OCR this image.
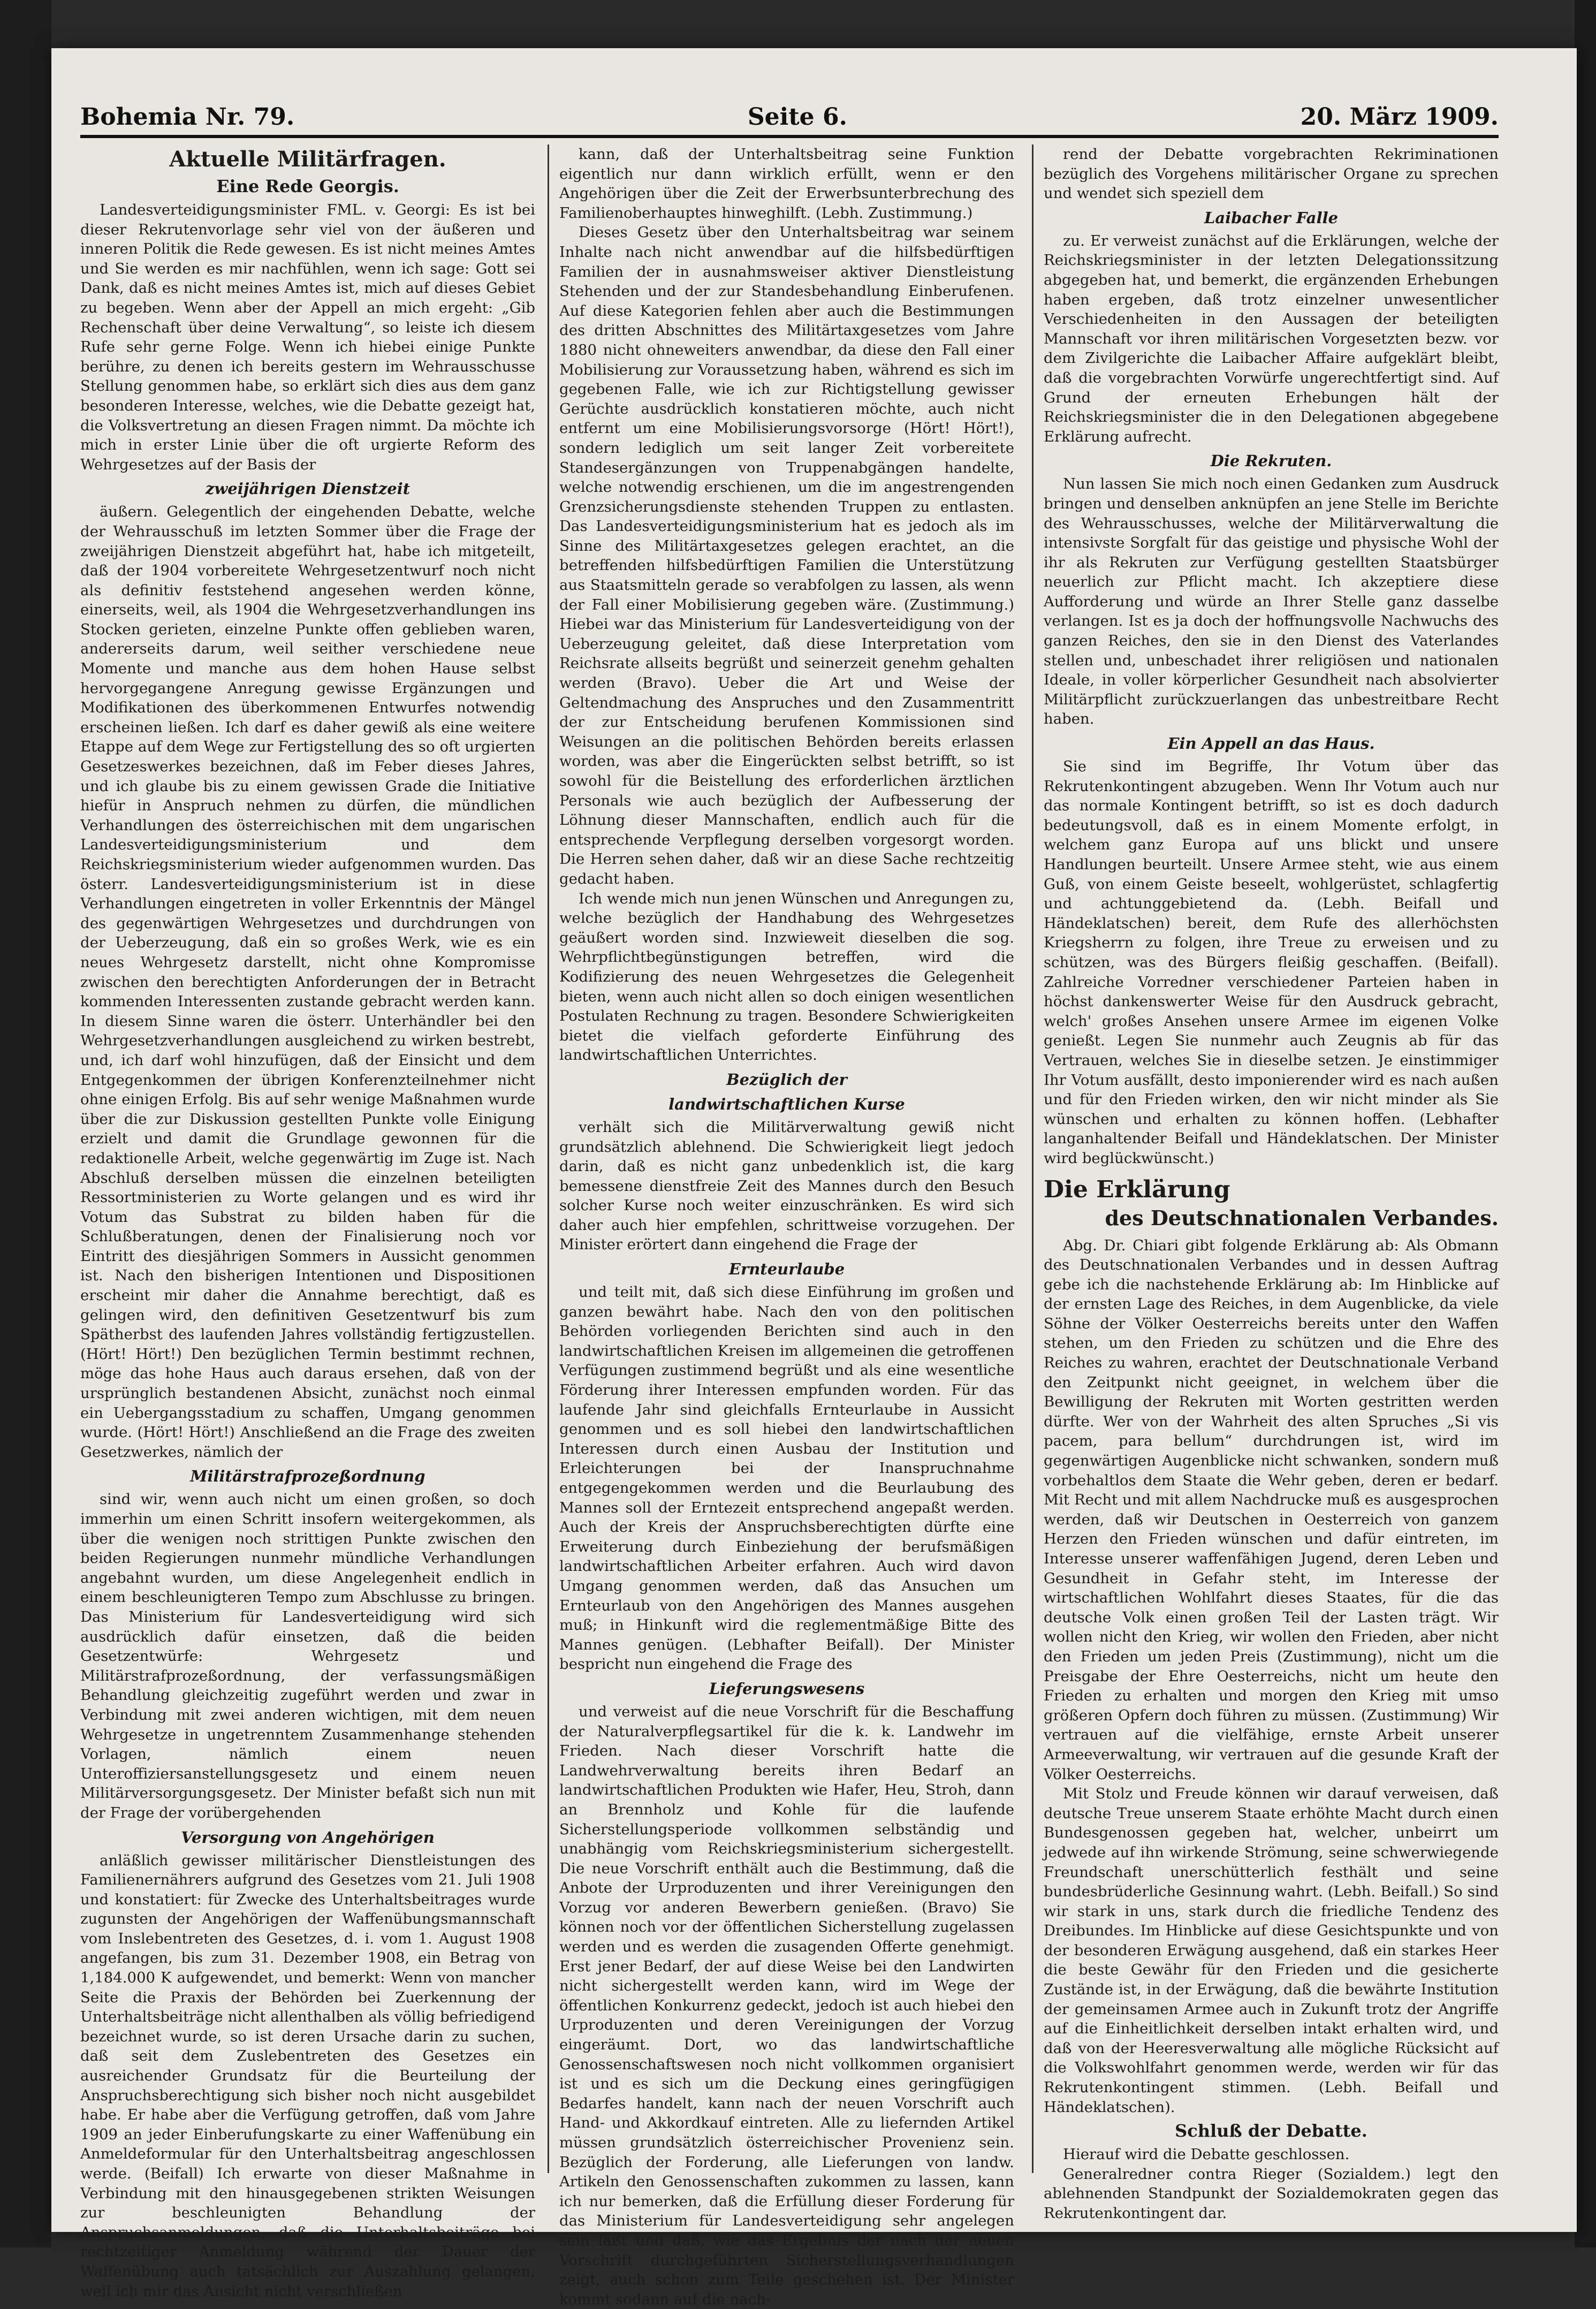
Bohemia Nr. 79.	Seite 6.	20. März 1909.
Aktuelle Militärfragen.
Eine Rede Georgis.

Landesverteidigungsminister FML. v. Georgi: Es ist bei dieser Rekrutenvorlage sehr viel von der äußeren und inneren Politik die Rede gewesen. Es ist nicht meines Amtes und Sie werden es mir nachfühlen, wenn ich sage: Gott sei Dank, daß es nicht meines Amtes ist, mich auf dieses Gebiet zu begeben. Wenn aber der Appell an mich ergeht: „Gib Rechenschaft über deine Verwaltung“, so leiste ich diesem Rufe sehr gerne Folge. Wenn ich hiebei einige Punkte berühre, zu denen ich bereits gestern im Wehrausschusse Stellung genommen habe, so erklärt sich dies aus dem ganz besonderen Interesse, welches, wie die Debatte gezeigt hat, die Volksvertretung an diesen Fragen nimmt. Da möchte ich mich in erster Linie über die oft urgierte Reform des Wehrgesetzes auf der Basis der

zweijährigen Dienstzeit

äußern. Gelegentlich der eingehenden Debatte, welche der Wehrausschuß im letzten Sommer über die Frage der zweijährigen Dienstzeit abgeführt hat, habe ich mitgeteilt, daß der 1904 vorbereitete Wehrgesetzentwurf noch nicht als definitiv feststehend angesehen werden könne, einerseits, weil, als 1904 die Wehrgesetzverhandlungen ins Stocken gerieten, einzelne Punkte offen geblieben waren, andererseits darum, weil seither verschiedene neue Momente und manche aus dem hohen Hause selbst hervorgegangene Anregung gewisse Ergänzungen und Modifikationen des überkommenen Entwurfes notwendig erscheinen ließen. Ich darf es daher gewiß als eine weitere Etappe auf dem Wege zur Fertigstellung des so oft urgierten Gesetzeswerkes bezeichnen, daß im Feber dieses Jahres, und ich glaube bis zu einem gewissen Grade die Initiative hiefür in Anspruch nehmen zu dürfen, die mündlichen Verhandlungen des österreichischen mit dem ungarischen Landesverteidigungsministerium und dem Reichskriegsministerium wieder aufgenommen wurden. Das österr. Landesverteidigungsministerium ist in diese Verhandlungen eingetreten in voller Erkenntnis der Mängel des gegenwärtigen Wehrgesetzes und durchdrungen von der Ueberzeugung, daß ein so großes Werk, wie es ein neues Wehrgesetz darstellt, nicht ohne Kompromisse zwischen den berechtigten Anforderungen der in Betracht kommenden Interessenten zustande gebracht werden kann. In diesem Sinne waren die österr. Unterhändler bei den Wehrgesetzverhandlungen ausgleichend zu wirken bestrebt, und, ich darf wohl hinzufügen, daß der Einsicht und dem Entgegenkommen der übrigen Konferenzteilnehmer nicht ohne einigen Erfolg. Bis auf sehr wenige Maßnahmen wurde über die zur Diskussion gestellten Punkte volle Einigung erzielt und damit die Grundlage gewonnen für die redaktionelle Arbeit, welche gegenwärtig im Zuge ist. Nach Abschluß derselben müssen die einzelnen beteiligten Ressortministerien zu Worte gelangen und es wird ihr Votum das Substrat zu bilden haben für die Schlußberatungen, denen der Finalisierung noch vor Eintritt des diesjährigen Sommers in Aussicht genommen ist. Nach den bisherigen Intentionen und Dispositionen erscheint mir daher die Annahme berechtigt, daß es gelingen wird, den definitiven Gesetzentwurf bis zum Spätherbst des laufenden Jahres vollständig fertigzustellen. (Hört! Hört!) Den bezüglichen Termin bestimmt rechnen, möge das hohe Haus auch daraus ersehen, daß von der ursprünglich bestandenen Absicht, zunächst noch einmal ein Uebergangsstadium zu schaffen, Umgang genommen wurde. (Hört! Hört!) Anschließend an die Frage des zweiten Gesetzwerkes, nämlich der

Militärstrafprozeßordnung

sind wir, wenn auch nicht um einen großen, so doch immerhin um einen Schritt insofern weitergekommen, als über die wenigen noch strittigen Punkte zwischen den beiden Regierungen nunmehr mündliche Verhandlungen angebahnt wurden, um diese Angelegenheit endlich in einem beschleunigteren Tempo zum Abschlusse zu bringen. Das Ministerium für Landesverteidigung wird sich ausdrücklich dafür einsetzen, daß die beiden Gesetzentwürfe: Wehrgesetz und Militärstrafprozeßordnung, der verfassungsmäßigen Behandlung gleichzeitig zugeführt werden und zwar in Verbindung mit zwei anderen wichtigen, mit dem neuen Wehrgesetze in ungetrenntem Zusammenhange stehenden Vorlagen, nämlich einem neuen Unteroffiziersanstellungsgesetz und einem neuen Militärversorgungsgesetz. Der Minister befaßt sich nun mit der Frage der vorübergehenden

Versorgung von Angehörigen

anläßlich gewisser militärischer Dienstleistungen des Familienernährers aufgrund des Gesetzes vom 21. Juli 1908 und konstatiert: für Zwecke des Unterhaltsbeitrages wurde zugunsten der Angehörigen der Waffenübungsmannschaft vom Inslebentreten des Gesetzes, d. i. vom 1. August 1908 angefangen, bis zum 31. Dezember 1908, ein Betrag von 1,184.000 K aufgewendet, und bemerkt: Wenn von mancher Seite die Praxis der Behörden bei Zuerkennung der Unterhaltsbeiträge nicht allenthalben als völlig befriedigend bezeichnet wurde, so ist deren Ursache darin zu suchen, daß seit dem Zuslebentreten des Gesetzes ein ausreichender Grundsatz für die Beurteilung der Anspruchsberechtigung sich bisher noch nicht ausgebildet habe. Er habe aber die Verfügung getroffen, daß vom Jahre 1909 an jeder Einberufungskarte zu einer Waffenübung ein Anmeldeformular für den Unterhaltsbeitrag angeschlossen werde. (Beifall) Ich erwarte von dieser Maßnahme in Verbindung mit den hinausgegebenen strikten Weisungen zur beschleunigten Behandlung der Anspruchsanmeldungen, daß die Unterhaltsbeiträge bei rechtzeitiger Anmeldung während der Dauer der Waffenübung auch tatsächlich zur Auszahlung gelangen, weil ich mir das Ansicht nicht verschließen

kann, daß der Unterhaltsbeitrag seine Funktion eigentlich nur dann wirklich erfüllt, wenn er den Angehörigen über die Zeit der Erwerbsunterbrechung des Familienoberhauptes hinweghilft. (Lebh. Zustimmung.)

Dieses Gesetz über den Unterhaltsbeitrag war seinem Inhalte nach nicht anwendbar auf die hilfsbedürftigen Familien der in ausnahmsweiser aktiver Dienstleistung Stehenden und der zur Standesbehandlung Einberufenen. Auf diese Kategorien fehlen aber auch die Bestimmungen des dritten Abschnittes des Militärtaxgesetzes vom Jahre 1880 nicht ohneweiters anwendbar, da diese den Fall einer Mobilisierung zur Voraussetzung haben, während es sich im gegebenen Falle, wie ich zur Richtigstellung gewisser Gerüchte ausdrücklich konstatieren möchte, auch nicht entfernt um eine Mobilisierungsvorsorge (Hört! Hört!), sondern lediglich um seit langer Zeit vorbereitete Standesergänzungen von Truppenabgängen handelte, welche notwendig erschienen, um die im angestrengenden Grenzsicherungsdienste stehenden Truppen zu entlasten. Das Landesverteidigungsministerium hat es jedoch als im Sinne des Militärtaxgesetzes gelegen erachtet, an die betreffenden hilfsbedürftigen Familien die Unterstützung aus Staatsmitteln gerade so verabfolgen zu lassen, als wenn der Fall einer Mobilisierung gegeben wäre. (Zustimmung.) Hiebei war das Ministerium für Landesverteidigung von der Ueberzeugung geleitet, daß diese Interpretation vom Reichsrate allseits begrüßt und seinerzeit genehm gehalten werden (Bravo). Ueber die Art und Weise der Geltendmachung des Anspruches und den Zusammentritt der zur Entscheidung berufenen Kommissionen sind Weisungen an die politischen Behörden bereits erlassen worden, was aber die Eingerückten selbst betrifft, so ist sowohl für die Beistellung des erforderlichen ärztlichen Personals wie auch bezüglich der Aufbesserung der Löhnung dieser Mannschaften, endlich auch für die entsprechende Verpflegung derselben vorgesorgt worden. Die Herren sehen daher, daß wir an diese Sache rechtzeitig gedacht haben.

Ich wende mich nun jenen Wünschen und Anregungen zu, welche bezüglich der Handhabung des Wehrgesetzes geäußert worden sind. Inzwieweit dieselben die sog. Wehrpflichtbegünstigungen betreffen, wird die Kodifizierung des neuen Wehrgesetzes die Gelegenheit bieten, wenn auch nicht allen so doch einigen wesentlichen Postulaten Rechnung zu tragen. Besondere Schwierigkeiten bietet die vielfach geforderte Einführung des landwirtschaftlichen Unterrichtes.

Bezüglich der
landwirtschaftlichen Kurse

verhält sich die Militärverwaltung gewiß nicht grundsätzlich ablehnend. Die Schwierigkeit liegt jedoch darin, daß es nicht ganz unbedenklich ist, die karg bemessene dienstfreie Zeit des Mannes durch den Besuch solcher Kurse noch weiter einzuschränken. Es wird sich daher auch hier empfehlen, schrittweise vorzugehen. Der Minister erörtert dann eingehend die Frage der

Ernteurlaube

und teilt mit, daß sich diese Einführung im großen und ganzen bewährt habe. Nach den von den politischen Behörden vorliegenden Berichten sind auch in den landwirtschaftlichen Kreisen im allgemeinen die getroffenen Verfügungen zustimmend begrüßt und als eine wesentliche Förderung ihrer Interessen empfunden worden. Für das laufende Jahr sind gleichfalls Ernteurlaube in Aussicht genommen und es soll hiebei den landwirtschaftlichen Interessen durch einen Ausbau der Institution und Erleichterungen bei der Inanspruchnahme entgegengekommen werden und die Beurlaubung des Mannes soll der Erntezeit entsprechend angepaßt werden. Auch der Kreis der Anspruchsberechtigten dürfte eine Erweiterung durch Einbeziehung der berufsmäßigen landwirtschaftlichen Arbeiter erfahren. Auch wird davon Umgang genommen werden, daß das Ansuchen um Ernteurlaub von den Angehörigen des Mannes ausgehen muß; in Hinkunft wird die reglementmäßige Bitte des Mannes genügen. (Lebhafter Beifall). Der Minister bespricht nun eingehend die Frage des

Lieferungswesens

und verweist auf die neue Vorschrift für die Beschaffung der Naturalverpflegsartikel für die k. k. Landwehr im Frieden. Nach dieser Vorschrift hatte die Landwehrverwaltung bereits ihren Bedarf an landwirtschaftlichen Produkten wie Hafer, Heu, Stroh, dann an Brennholz und Kohle für die laufende Sicherstellungsperiode vollkommen selbständig und unabhängig vom Reichskriegsministerium sichergestellt. Die neue Vorschrift enthält auch die Bestimmung, daß die Anbote der Urproduzenten und ihrer Vereinigungen den Vorzug vor anderen Bewerbern genießen. (Bravo) Sie können noch vor der öffentlichen Sicherstellung zugelassen werden und es werden die zusagenden Offerte genehmigt. Erst jener Bedarf, der auf diese Weise bei den Landwirten nicht sichergestellt werden kann, wird im Wege der öffentlichen Konkurrenz gedeckt, jedoch ist auch hiebei den Urproduzenten und deren Vereinigungen der Vorzug eingeräumt. Dort, wo das landwirtschaftliche Genossenschaftswesen noch nicht vollkommen organisiert ist und es sich um die Deckung eines geringfügigen Bedarfes handelt, kann nach der neuen Vorschrift auch Hand- und Akkordkauf eintreten. Alle zu liefernden Artikel müssen grundsätzlich österreichischer Provenienz sein. Bezüglich der Forderung, alle Lieferungen von landw. Artikeln den Genossenschaften zukommen zu lassen, kann ich nur bemerken, daß die Erfüllung dieser Forderung für das Ministerium für Landesverteidigung sehr angelegen sein läßt und daß, wie das Ergebnis der nach der neuen Vorschrift durchgeführten Sicherstellungsverhandlungen zeigt, auch schon zum Teile geschehen ist. Der Minister kommt sodann auf die nach-

rend der Debatte vorgebrachten Rekriminationen bezüglich des Vorgehens militärischer Organe zu sprechen und wendet sich speziell dem

Laibacher Falle

zu. Er verweist zunächst auf die Erklärungen, welche der Reichskriegsminister in der letzten Delegationssitzung abgegeben hat, und bemerkt, die ergänzenden Erhebungen haben ergeben, daß trotz einzelner unwesentlicher Verschiedenheiten in den Aussagen der beteiligten Mannschaft vor ihren militärischen Vorgesetzten bezw. vor dem Zivilgerichte die Laibacher Affaire aufgeklärt bleibt, daß die vorgebrachten Vorwürfe ungerechtfertigt sind. Auf Grund der erneuten Erhebungen hält der Reichskriegsminister die in den Delegationen abgegebene Erklärung aufrecht.

Die Rekruten.

Nun lassen Sie mich noch einen Gedanken zum Ausdruck bringen und denselben anknüpfen an jene Stelle im Berichte des Wehrausschusses, welche der Militärverwaltung die intensivste Sorgfalt für das geistige und physische Wohl der ihr als Rekruten zur Verfügung gestellten Staatsbürger neuerlich zur Pflicht macht. Ich akzeptiere diese Aufforderung und würde an Ihrer Stelle ganz dasselbe verlangen. Ist es ja doch der hoffnungsvolle Nachwuchs des ganzen Reiches, den sie in den Dienst des Vaterlandes stellen und, unbeschadet ihrer religiösen und nationalen Ideale, in voller körperlicher Gesundheit nach absolvierter Militärpflicht zurückzuerlangen das unbestreitbare Recht haben.

Ein Appell an das Haus.

Sie sind im Begriffe, Ihr Votum über das Rekrutenkontingent abzugeben. Wenn Ihr Votum auch nur das normale Kontingent betrifft, so ist es doch dadurch bedeutungsvoll, daß es in einem Momente erfolgt, in welchem ganz Europa auf uns blickt und unsere Handlungen beurteilt. Unsere Armee steht, wie aus einem Guß, von einem Geiste beseelt, wohlgerüstet, schlagfertig und achtunggebietend da. (Lebh. Beifall und Händeklatschen) bereit, dem Rufe des allerhöchsten Kriegsherrn zu folgen, ihre Treue zu erweisen und zu schützen, was des Bürgers fleißig geschaffen. (Beifall). Zahlreiche Vorredner verschiedener Parteien haben in höchst dankenswerter Weise für den Ausdruck gebracht, welch' großes Ansehen unsere Armee im eigenen Volke genießt. Legen Sie nunmehr auch Zeugnis ab für das Vertrauen, welches Sie in dieselbe setzen. Je einstimmiger Ihr Votum ausfällt, desto imponierender wird es nach außen und für den Frieden wirken, den wir nicht minder als Sie wünschen und erhalten zu können hoffen. (Lebhafter langanhaltender Beifall und Händeklatschen. Der Minister wird beglückwünscht.)

Die Erklärung
des Deutschnationalen Verbandes.

Abg. Dr. Chiari gibt folgende Erklärung ab: Als Obmann des Deutschnationalen Verbandes und in dessen Auftrag gebe ich die nachstehende Erklärung ab: Im Hinblicke auf der ernsten Lage des Reiches, in dem Augenblicke, da viele Söhne der Völker Oesterreichs bereits unter den Waffen stehen, um den Frieden zu schützen und die Ehre des Reiches zu wahren, erachtet der Deutschnationale Verband den Zeitpunkt nicht geeignet, in welchem über die Bewilligung der Rekruten mit Worten gestritten werden dürfte. Wer von der Wahrheit des alten Spruches „Si vis pacem, para bellum“ durchdrungen ist, wird im gegenwärtigen Augenblicke nicht schwanken, sondern muß vorbehaltlos dem Staate die Wehr geben, deren er bedarf. Mit Recht und mit allem Nachdrucke muß es ausgesprochen werden, daß wir Deutschen in Oesterreich von ganzem Herzen den Frieden wünschen und dafür eintreten, im Interesse unserer waffenfähigen Jugend, deren Leben und Gesundheit in Gefahr steht, im Interesse der wirtschaftlichen Wohlfahrt dieses Staates, für die das deutsche Volk einen großen Teil der Lasten trägt. Wir wollen nicht den Krieg, wir wollen den Frieden, aber nicht den Frieden um jeden Preis (Zustimmung), nicht um die Preisgabe der Ehre Oesterreichs, nicht um heute den Frieden zu erhalten und morgen den Krieg mit umso größeren Opfern doch führen zu müssen. (Zustimmung) Wir vertrauen auf die vielfähige, ernste Arbeit unserer Armeeverwaltung, wir vertrauen auf die gesunde Kraft der Völker Oesterreichs.

Mit Stolz und Freude können wir darauf verweisen, daß deutsche Treue unserem Staate erhöhte Macht durch einen Bundesgenossen gegeben hat, welcher, unbeirrt um jedwede auf ihn wirkende Strömung, seine schwerwiegende Freundschaft unerschütterlich festhält und seine bundesbrüderliche Gesinnung wahrt. (Lebh. Beifall.) So sind wir stark in uns, stark durch die friedliche Tendenz des Dreibundes. Im Hinblicke auf diese Gesichtspunkte und von der besonderen Erwägung ausgehend, daß ein starkes Heer die beste Gewähr für den Frieden und die gesicherte Zustände ist, in der Erwägung, daß die bewährte Institution der gemeinsamen Armee auch in Zukunft trotz der Angriffe auf die Einheitlichkeit derselben intakt erhalten wird, und daß von der Heeresverwaltung alle mögliche Rücksicht auf die Volkswohlfahrt genommen werde, werden wir für das Rekrutenkontingent stimmen. (Lebh. Beifall und Händeklatschen).

Schluß der Debatte.

Hierauf wird die Debatte geschlossen.

Generalredner contra Rieger (Sozialdem.) legt den ablehnenden Standpunkt der Sozialdemokraten gegen das Rekrutenkontingent dar.
